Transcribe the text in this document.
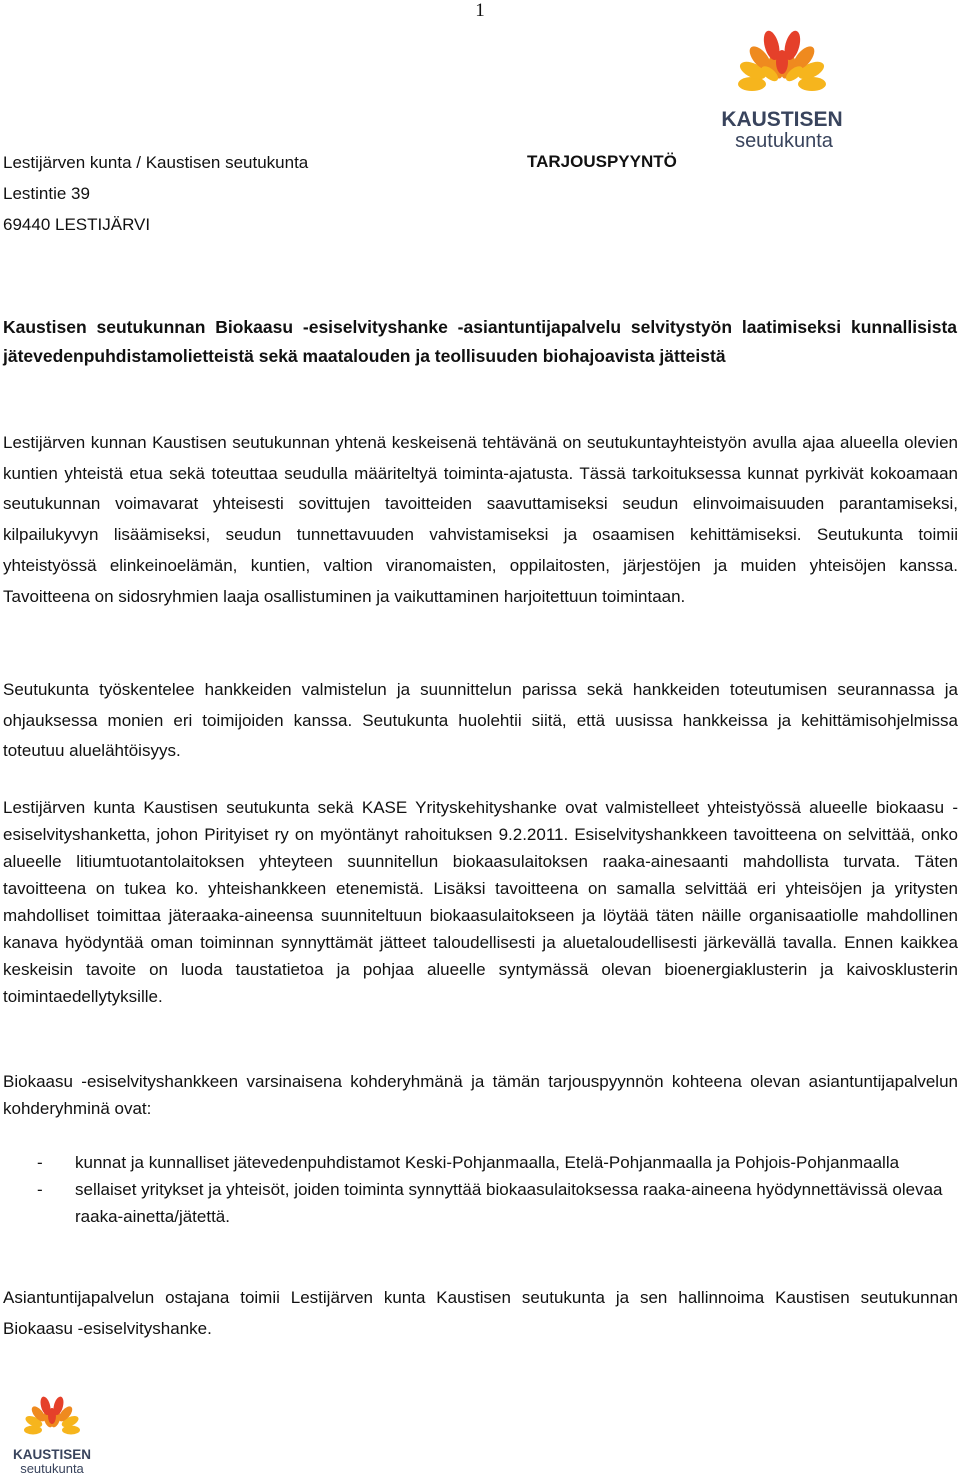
1
KAUSTISEN
seutukunta
Lestijärven kunta / Kaustisen seutukunta
Lestintie 39
69440 LESTIJÄRVI
TARJOUSPYYNTÖ
Kaustisen seutukunnan Biokaasu -esiselvityshanke -asiantuntijapalvelu selvitystyön laatimiseksi kunnallisista jätevedenpuhdistamolietteistä sekä maatalouden ja teollisuuden biohajoavista jätteistä
Lestijärven kunnan Kaustisen seutukunnan yhtenä keskeisenä tehtävänä on seutukuntayhteistyön avulla ajaa alueella olevien kuntien yhteistä etua sekä toteuttaa seudulla määriteltyä toiminta-ajatusta. Tässä tarkoituksessa kunnat pyrkivät kokoamaan seutukunnan voimavarat yhteisesti sovittujen tavoitteiden saavuttamiseksi seudun elinvoimaisuuden parantamiseksi, kilpailukyvyn lisäämiseksi, seudun tunnettavuuden vahvistamiseksi ja osaamisen kehittämiseksi. Seutukunta toimii yhteistyössä elinkeinoelämän, kuntien, valtion viranomaisten, oppilaitosten, järjestöjen ja muiden yhteisöjen kanssa. Tavoitteena on sidosryhmien laaja osallistuminen ja vaikuttaminen harjoitettuun toimintaan.
Seutukunta työskentelee hankkeiden valmistelun ja suunnittelun parissa sekä hankkeiden toteutumisen seurannassa ja ohjauksessa monien eri toimijoiden kanssa. Seutukunta huolehtii siitä, että uusissa hankkeissa ja kehittämisohjelmissa toteutuu aluelähtöisyys.
Lestijärven kunta Kaustisen seutukunta sekä KASE Yrityskehityshanke ovat valmistelleet yhteistyössä alueelle biokaasu -esiselvityshanketta, johon Pirityiset ry on myöntänyt rahoituksen 9.2.2011. Esiselvityshankkeen tavoitteena on selvittää, onko alueelle litiumtuotantolaitoksen yhteyteen suunnitellun biokaasulaitoksen raaka-ainesaanti mahdollista turvata. Täten tavoitteena on tukea ko. yhteishankkeen etenemistä. Lisäksi tavoitteena on samalla selvittää eri yhteisöjen ja yritysten mahdolliset toimittaa jäteraaka-aineensa suunniteltuun biokaasulaitokseen ja löytää täten näille organisaatiolle mahdollinen kanava hyödyntää oman toiminnan synnyttämät jätteet taloudellisesti ja aluetaloudellisesti järkevällä tavalla. Ennen kaikkea keskeisin tavoite on luoda taustatietoa ja pohjaa alueelle syntymässä olevan bioenergiaklusterin ja kaivosklusterin toimintaedellytyksille.
Biokaasu -esiselvityshankkeen varsinaisena kohderyhmänä ja tämän tarjouspyynnön kohteena olevan asiantuntijapalvelun kohderyhminä ovat:
- kunnat ja kunnalliset jätevedenpuhdistamot Keski-Pohjanmaalla, Etelä-Pohjanmaalla ja Pohjois-Pohjanmaalla
- sellaiset yritykset ja yhteisöt, joiden toiminta synnyttää biokaasulaitoksessa raaka-aineena hyödynnettävissä olevaa raaka-ainetta/jätettä.
Asiantuntijapalvelun ostajana toimii Lestijärven kunta Kaustisen seutukunta ja sen hallinnoima Kaustisen seutukunnan Biokaasu -esiselvityshanke.
KAUSTISEN
seutukunta
